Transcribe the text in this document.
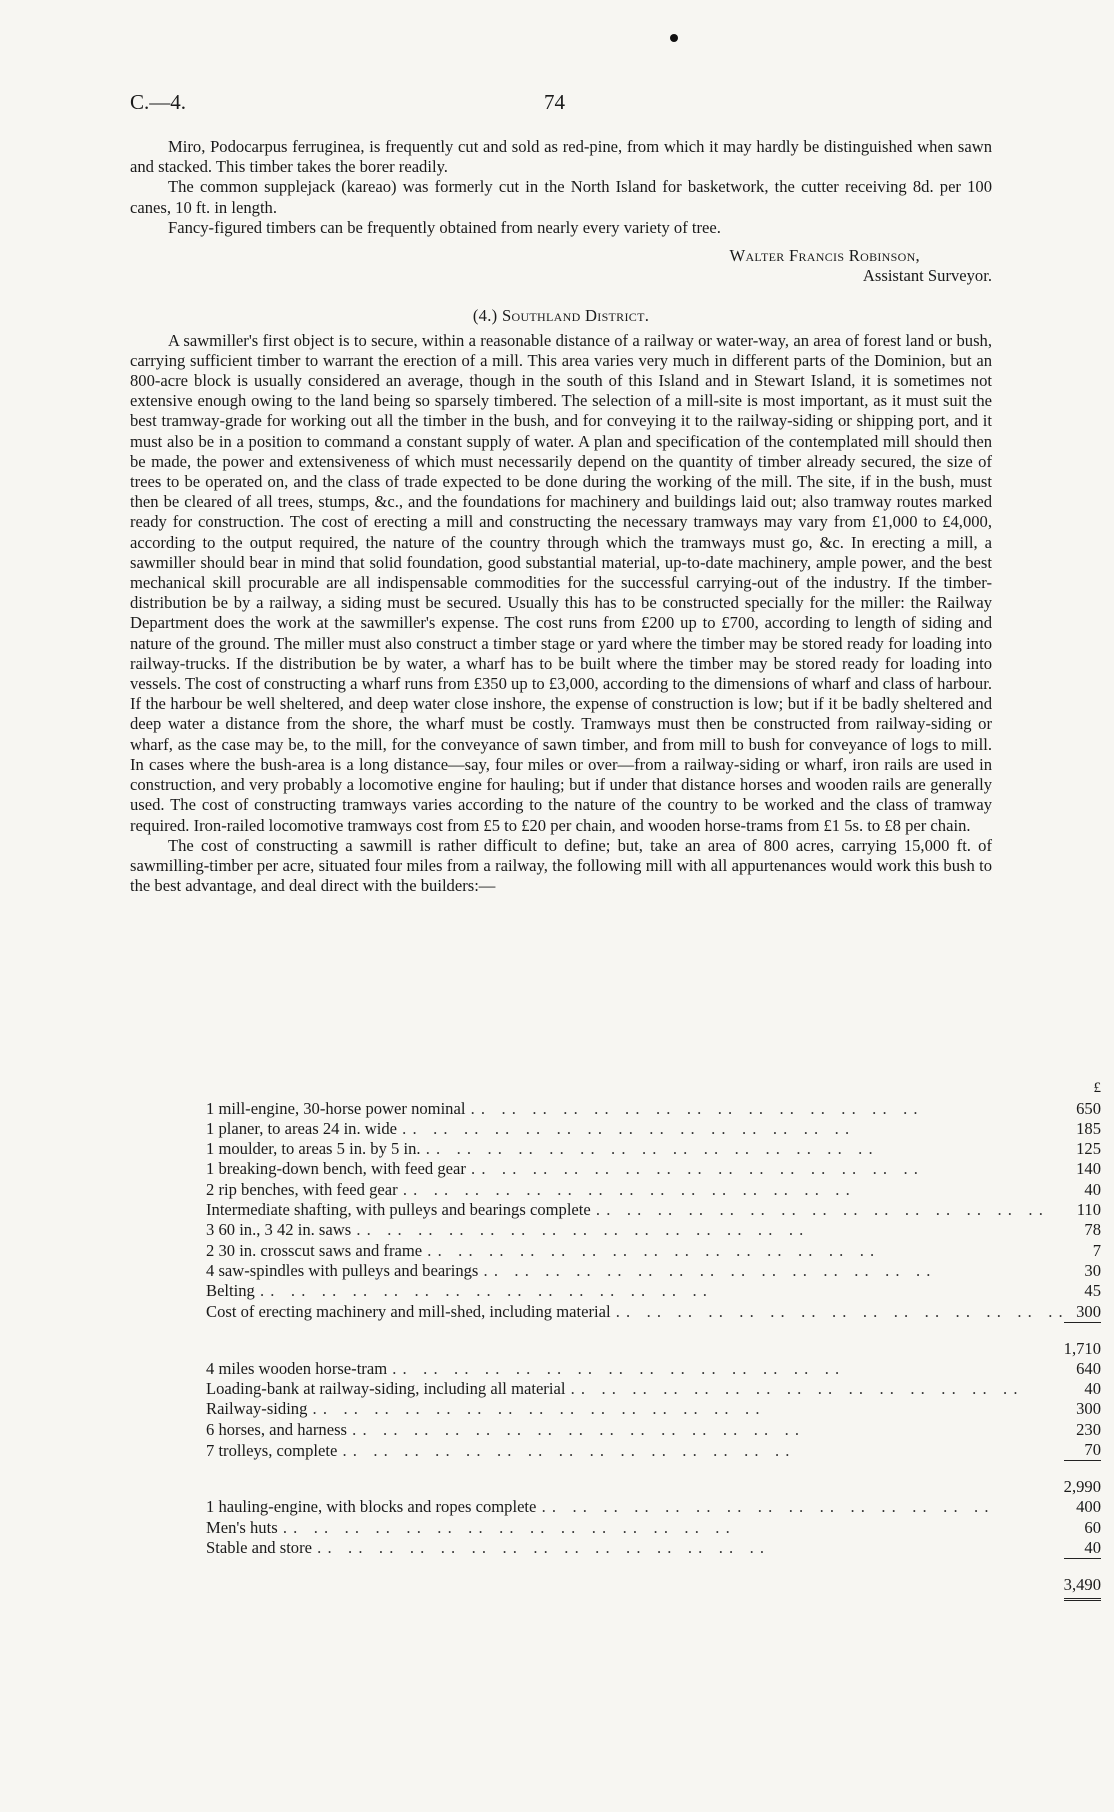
C.—4.	74

Miro, Podocarpus ferruginea, is frequently cut and sold as red-pine, from which it may hardly be distinguished when sawn and stacked. This timber takes the borer readily.

The common supplejack (kareao) was formerly cut in the North Island for basketwork, the cutter receiving 8d. per 100 canes, 10 ft. in length.

Fancy-figured timbers can be frequently obtained from nearly every variety of tree.

Walter Francis Robinson,
Assistant Surveyor.
(4.) Southland District.

A sawmiller's first object is to secure, within a reasonable distance of a railway or water-way, an area of forest land or bush, carrying sufficient timber to warrant the erection of a mill. This area varies very much in different parts of the Dominion, but an 800-acre block is usually considered an average, though in the south of this Island and in Stewart Island, it is sometimes not extensive enough owing to the land being so sparsely timbered. The selection of a mill-site is most important, as it must suit the best tramway-grade for working out all the timber in the bush, and for conveying it to the railway-siding or shipping port, and it must also be in a position to command a constant supply of water. A plan and specification of the contemplated mill should then be made, the power and extensiveness of which must necessarily depend on the quantity of timber already secured, the size of trees to be operated on, and the class of trade expected to be done during the working of the mill. The site, if in the bush, must then be cleared of all trees, stumps, &c., and the foundations for machinery and buildings laid out; also tramway routes marked ready for construction. The cost of erecting a mill and constructing the necessary tramways may vary from £1,000 to £4,000, according to the output required, the nature of the country through which the tramways must go, &c. In erecting a mill, a sawmiller should bear in mind that solid foundation, good substantial material, up-to-date machinery, ample power, and the best mechanical skill procurable are all indispensable commodities for the successful carrying-out of the industry. If the timber-distribution be by a railway, a siding must be secured. Usually this has to be constructed specially for the miller: the Railway Department does the work at the sawmiller's expense. The cost runs from £200 up to £700, according to length of siding and nature of the ground. The miller must also construct a timber stage or yard where the timber may be stored ready for loading into railway-trucks. If the distribution be by water, a wharf has to be built where the timber may be stored ready for loading into vessels. The cost of constructing a wharf runs from £350 up to £3,000, according to the dimensions of wharf and class of harbour. If the harbour be well sheltered, and deep water close inshore, the expense of construction is low; but if it be badly sheltered and deep water a distance from the shore, the wharf must be costly. Tramways must then be constructed from railway-siding or wharf, as the case may be, to the mill, for the conveyance of sawn timber, and from mill to bush for conveyance of logs to mill. In cases where the bush-area is a long distance—say, four miles or over—from a railway-siding or wharf, iron rails are used in construction, and very probably a locomotive engine for hauling; but if under that distance horses and wooden rails are generally used. The cost of constructing tramways varies according to the nature of the country to be worked and the class of tramway required. Iron-railed locomotive tramways cost from £5 to £20 per chain, and wooden horse-trams from £1 5s. to £8 per chain.

The cost of constructing a sawmill is rather difficult to define; but, take an area of 800 acres, carrying 15,000 ft. of sawmilling-timber per acre, situated four miles from a railway, the following mill with all appurtenances would work this bush to the best advantage, and deal direct with the builders:—

	£
1 mill-engine, 30-horse power nominal . .	650
1 planer, to areas 24 in. wide . .	185
1 moulder, to areas 5 in. by 5 in. . .	125
1 breaking-down bench, with feed gear . .	140
2 rip benches, with feed gear . .	40
Intermediate shafting, with pulleys and bearings complete . .	110
3 60 in., 3 42 in. saws . .	78
2 30 in. crosscut saws and frame . .	7
4 saw-spindles with pulleys and bearings . .	30
Belting . .	45
Cost of erecting machinery and mill-shed, including material . .	300
	1,710
4 miles wooden horse-tram . .	640
Loading-bank at railway-siding, including all material . .	40
Railway-siding . .	300
6 horses, and harness . .	230
7 trolleys, complete . .	70
	2,990
1 hauling-engine, with blocks and ropes complete . .	400
Men's huts . .	60
Stable and store . .	40
	3,490
